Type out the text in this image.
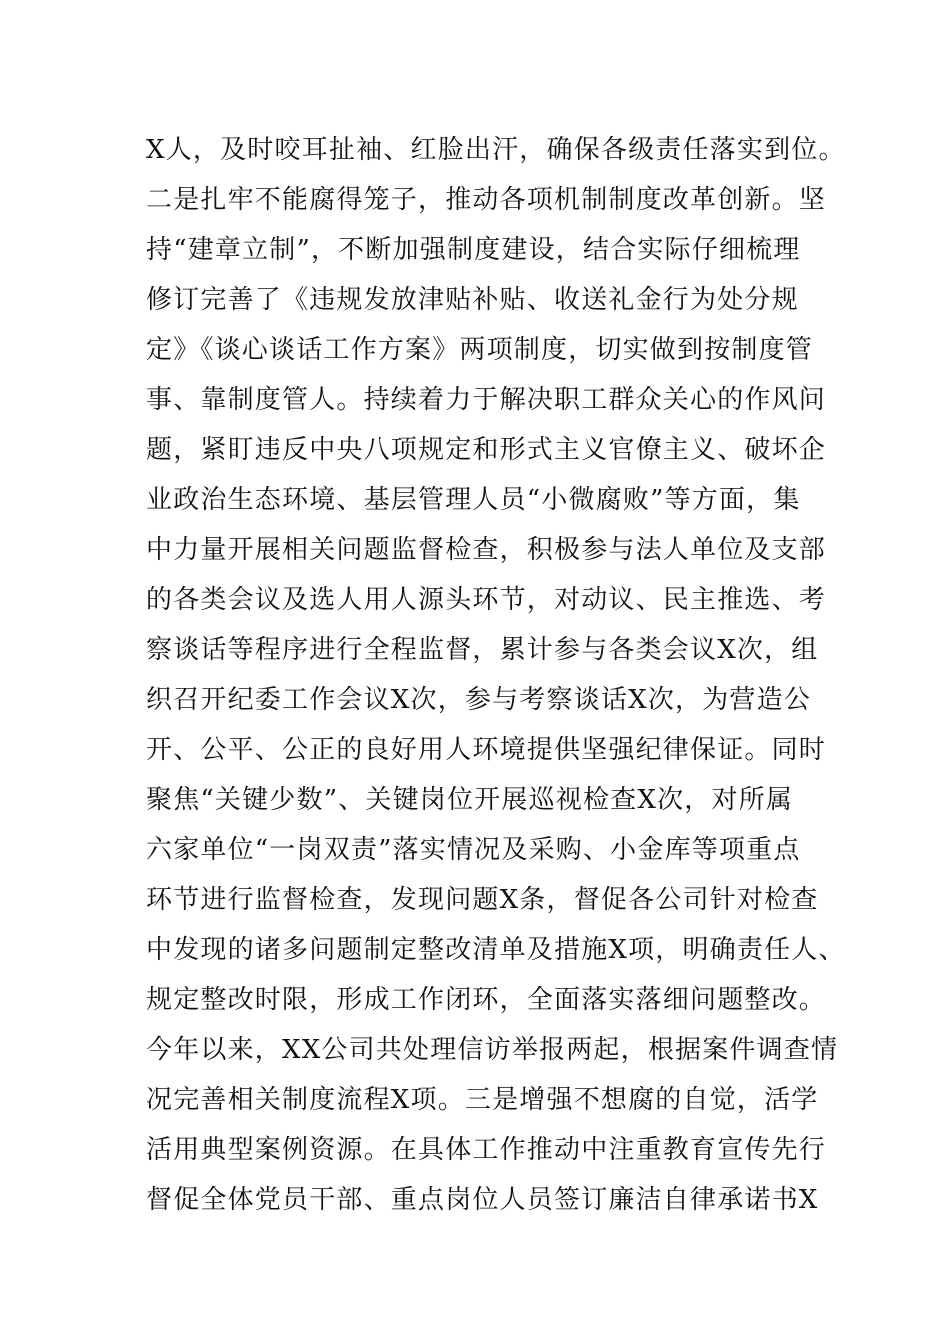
X人，及时咬耳扯袖、红脸出汗，确保各级责任落实到位。
二是扎牢不能腐得笼子，推动各项机制制度改革创新。坚
持“建章立制”，不断加强制度建设，结合实际仔细梳理
修订完善了《违规发放津贴补贴、收送礼金行为处分规
定》《谈心谈话工作方案》两项制度，切实做到按制度管
事、靠制度管人。持续着力于解决职工群众关心的作风问
题，紧盯违反中央八项规定和形式主义官僚主义、破坏企
业政治生态环境、基层管理人员“小微腐败”等方面，集
中力量开展相关问题监督检查，积极参与法人单位及支部
的各类会议及选人用人源头环节，对动议、民主推选、考
察谈话等程序进行全程监督，累计参与各类会议X次，组
织召开纪委工作会议X次，参与考察谈话X次，为营造公
开、公平、公正的良好用人环境提供坚强纪律保证。同时
聚焦“关键少数”、关键岗位开展巡视检查X次，对所属
六家单位“一岗双责”落实情况及采购、小金库等项重点
环节进行监督检查，发现问题X条，督促各公司针对检查
中发现的诸多问题制定整改清单及措施X项，明确责任人、
规定整改时限，形成工作闭环，全面落实落细问题整改。
今年以来，XX公司共处理信访举报两起，根据案件调查情
况完善相关制度流程X项。三是增强不想腐的自觉，活学
活用典型案例资源。在具体工作推动中注重教育宣传先行
督促全体党员干部、重点岗位人员签订廉洁自律承诺书X
